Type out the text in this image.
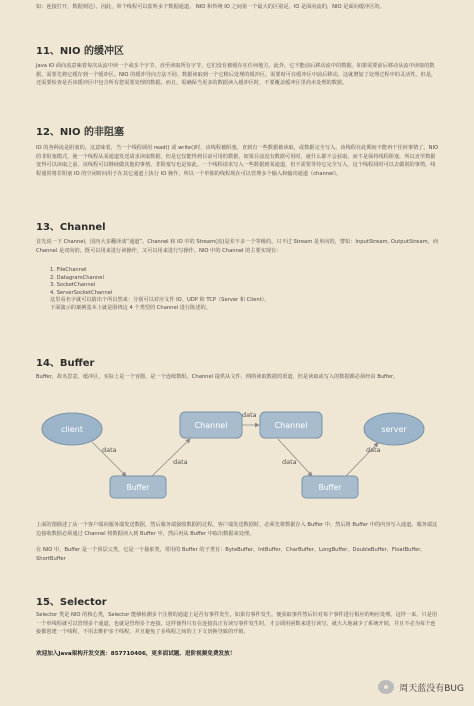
如：连接打开，数据到达）。因此，单个线程可以监听多个数据通道。 NIO 和传统 IO 之间第一个最大的区别是，IO 是面向流的，NIO 是面向缓冲区的。

11、NIO 的缓冲区

Java IO 面向流意味着每次从流中读一个或多个字节，直至读取所有字节，它们没有被缓存在任何地方。此外，它不能前后移动流中的数据。如果需要前后移动从流中读取的数据，需要先将它缓存到一个缓冲区。NIO 的缓冲导向方法不同。数据读取到一个它稍后处理的缓冲区，需要时可在缓冲区中前后移动。这就增加了处理过程中的灵活性。但是，还需要检查是否该缓冲区中包含所有您需要处理的数据。而且，需确保当更多的数据读入缓冲区时，不要覆盖缓冲区里尚未处理的数据。

12、NIO 的非阻塞

IO 的各种流是阻塞的。这意味着，当一个线程调用 read() 或 write()时，该线程被阻塞，直到有一些数据被读取，或数据完全写入。该线程在此期间不能再干任何事情了。NIO 的非阻塞模式，使一个线程从某通道发送请求读取数据，但是它仅能得到目前可用的数据，如果目前没有数据可用时，就什么都不会获取。而不是保持线程阻塞，所以直至数据变得可以读取之前，该线程可以继续做其他的事情。非阻塞写也是如此。一个线程请求写入一些数据到某通道，但不需要等待它完全写入，这个线程同时可以去做别的事情。线程通常将非阻塞 IO 的空闲时间用于在其它通道上执行 IO 操作，所以一个单独的线程现在可以管理多个输入和输出通道（channel）。

13、Channel

首先说一下 Channel，国内大多翻译成“通道”。Channel 和 IO 中的 Stream(流)是差不多一个等级的。只不过 Stream 是单向的，譬如：InputStream, OutputStream，而 Channel 是双向的，既可以用来进行读操作，又可以用来进行写操作。NIO 中的 Channel 的主要实现有：

1. FileChannel
2. DatagramChannel
3. SocketChannel
4. ServerSocketChannel
这里看名字就可以猜出个所以然来：分别可以对应文件 IO、UDP 和 TCP（Server 和 Client）。
下面演示的案例基本上就是围绕这 4 个类型的 Channel 进行陈述的。
14、Buffer

Buffer，故名思意，缓冲区，实际上是一个容器，是一个连续数组。Channel 提供从文件、网络读取数据的渠道，但是读取或写入的数据都必须经由 Buffer。

client	Channel	Channel	server
Buffer	Buffer
data
data
data
data
data

上面的图描述了从一个客户端向服务端发送数据，然后服务端接收数据的过程。客户端发送数据时，必须先将数据存入 Buffer 中，然后将 Buffer 中的内容写入通道。服务端这边接收数据必须通过 Channel 将数据读入到 Buffer 中，然后再从 Buffer 中取出数据来处理。

在 NIO 中，Buffer 是一个顶层父类，它是一个抽象类，常用的 Buffer 的子类有：ByteBuffer、IntBuffer、CharBuffer、LongBuffer、DoubleBuffer、FloatBuffer、ShortBuffer

15、Selector

Selector 类是 NIO 的核心类，Selector 能够检测多个注册的通道上是否有事件发生，如果有事件发生，便获取事件然后针对每个事件进行相应的响应处理。这样一来，只是用一个单线程就可以管理多个通道，也就是管理多个连接。这样使得只有在连接真正有读写事件发生时，才会调用函数来进行读写，就大大地减少了系统开销，并且不必为每个连接都创建一个线程，不用去维护多个线程，并且避免了多线程之间的上下文切换导致的开销。

欢迎加入Java架构开发交流：857710406，更多面试题、进阶视频免费发放！
周天蓝没有BUG
